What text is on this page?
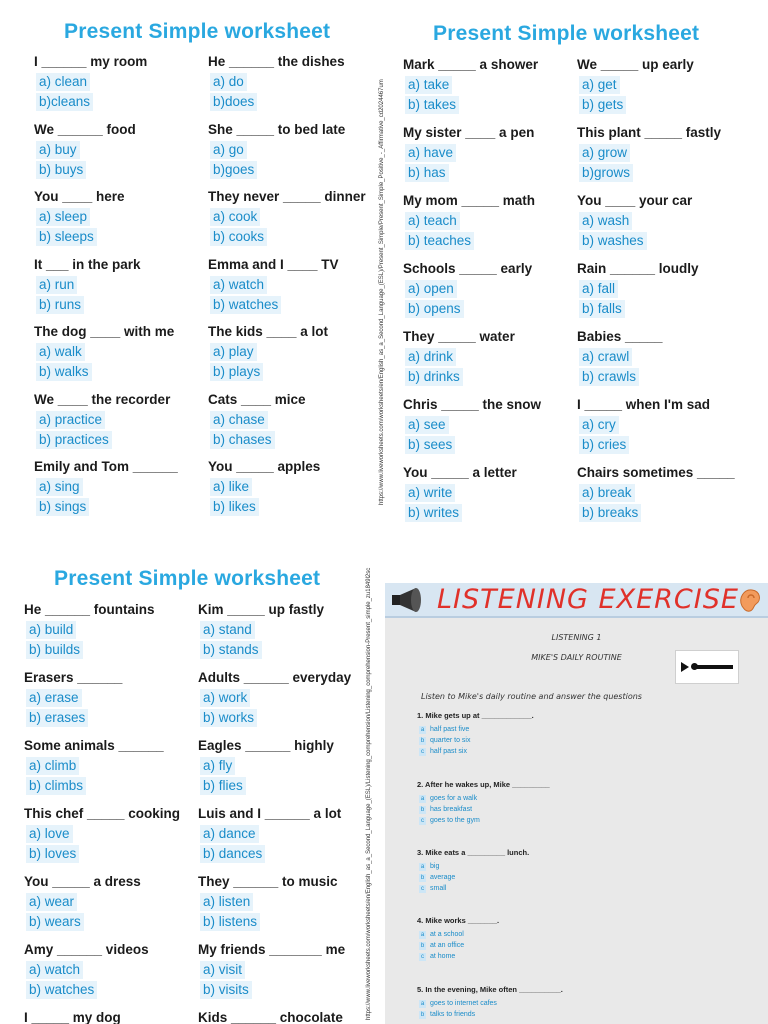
Present Simple worksheet
I ______ my room
a) clean
b)cleans
We ______ food
a) buy
b) buys
You ____ here
a) sleep
b) sleeps
It ___ in the park
a) run
b) runs
The dog ____ with me
a) walk
b) walks
We ____ the recorder
a) practice
b) practices
Emily and Tom ______
a) sing
b) sings
He ______ the dishes
a) do
b)does
She _____ to bed late
a) go
b)goes
They never _____ dinner
a) cook
b) cooks
Emma and I ____ TV
a) watch
b) watches
The kids ____ a lot
a) play
b) plays
Cats ____ mice
a) chase
b) chases
You _____ apples
a) like
b) likes
https://www.liveworksheets.com/worksheets/en/English_as_a_Second_Language_(ESL)/Present_Simple/Present_Simple_Positive_-_Affirmative_cd2024467um
Present Simple worksheet
Mark _____ a shower
a) take
b) takes
My sister ____ a pen
a) have
b) has
My mom _____ math
a) teach
b) teaches
Schools _____ early
a) open
b) opens
They _____ water
a) drink
b) drinks
Chris _____ the snow
a) see
b) sees
You _____ a letter
a) write
b) writes
We _____ up early
a) get
b) gets
This plant _____ fastly
a) grow
b)grows
You ____ your car
a) wash
b) washes
Rain ______ loudly
a) fall
b) falls
Babies _____
a) crawl
b) crawls
I _____ when I'm sad
a) cry
b) cries
Chairs sometimes _____
a) break
b) breaks
Present Simple worksheet
He ______ fountains
a) build
b) builds
Erasers ______
a) erase
b) erases
Some animals ______
a) climb
b) climbs
This chef _____ cooking
a) love
b) loves
You _____ a dress
a) wear
b) wears
Amy ______ videos
a) watch
b) watches
I _____ my dog
Kim _____ up fastly
a) stand
b) stands
Adults ______ everyday
a) work
b) works
Eagles ______ highly
a) fly
b) flies
Luis and I ______ a lot
a) dance
b) dances
They ______ to music
a) listen
b) listens
My friends _______ me
a) visit
b) visits
Kids ______ chocolate	https://www.liveworksheets.com/worksheets/en/English_as_a_Second_Language_(ESL)/Listening_comprehension/Listening_comprehension-Present_simple_zu1849l2sc LISTENING EXERCISE
LISTENING 1
MIKE'S DAILY ROUTINE
Listen to Mike's daily routine and answer the questions
1. Mike gets up at ____________.
a half past five
b quarter to six
c half past six
2. After he wakes up, Mike _________
a goes for a walk
b has breakfast
c goes to the gym
3. Mike eats a _________ lunch.
a big
b average
c small
4. Mike works _______.
a at a school
b at an office
c at home
5. In the evening, Mike often __________.
a goes to internet cafes
b talks to friends
